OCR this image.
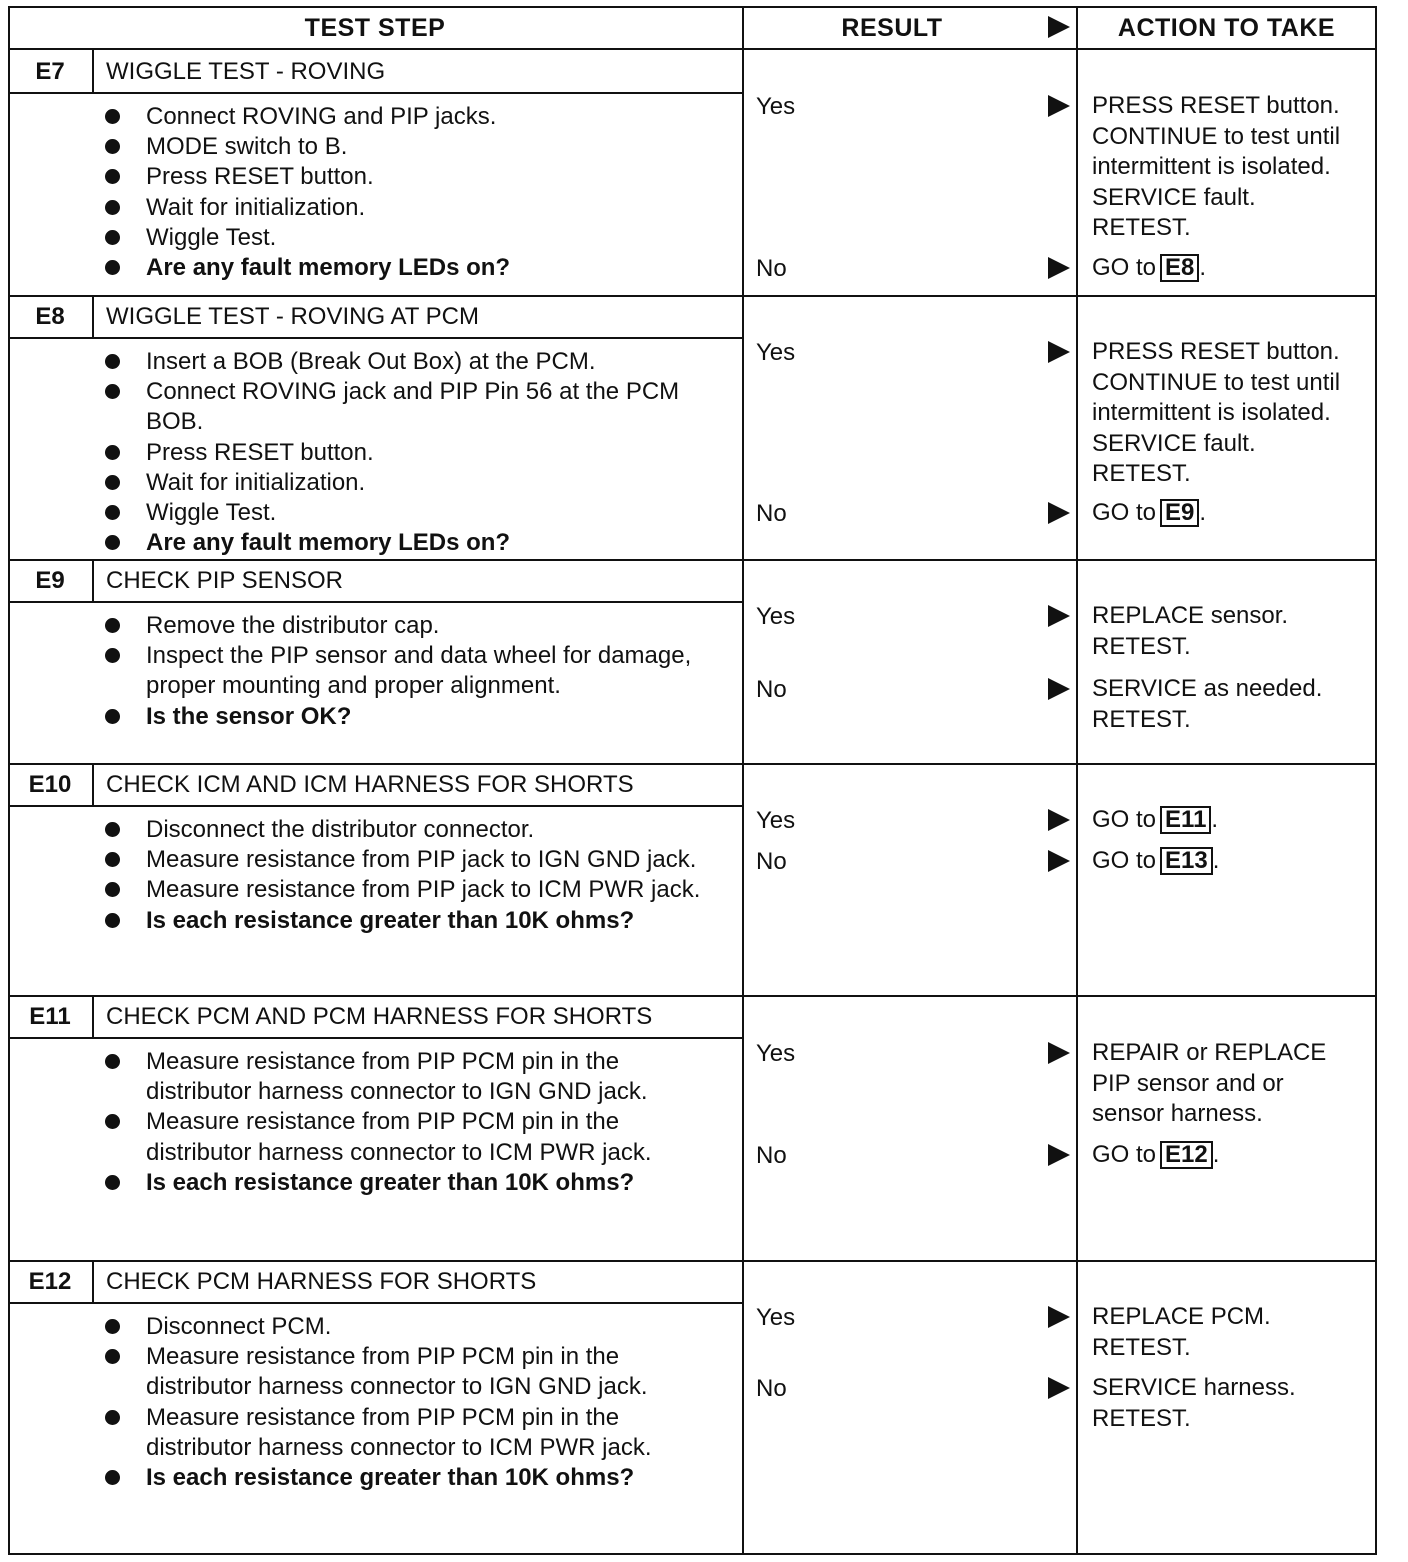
TEST STEP	RESULT	ACTION TO TAKE
E7	WIGGLE TEST - ROVING
Connect ROVING and PIP jacks.
MODE switch to B.
Press RESET button.
Wait for initialization.
Wiggle Test.
Are any fault memory LEDs on?
Yes	PRESS RESET button.
CONTINUE to test until
intermittent is isolated.
SERVICE fault.
RETEST.
No	GO to E8 .
E8	WIGGLE TEST - ROVING AT PCM
Insert a BOB (Break Out Box) at the PCM.
Connect ROVING jack and PIP Pin 56 at the PCM BOB.
Press RESET button.
Wait for initialization.
Wiggle Test.
Are any fault memory LEDs on?
Yes	PRESS RESET button.
CONTINUE to test until
intermittent is isolated.
SERVICE fault.
RETEST.
No	GO to E9 .
E9	CHECK PIP SENSOR
Remove the distributor cap.
Inspect the PIP sensor and data wheel for damage, proper mounting and proper alignment.
Is the sensor OK?
Yes	REPLACE sensor.
RETEST.
No	SERVICE as needed.
RETEST.
E10	CHECK ICM AND ICM HARNESS FOR SHORTS
Disconnect the distributor connector.
Measure resistance from PIP jack to IGN GND jack.
Measure resistance from PIP jack to ICM PWR jack.
Is each resistance greater than 10K ohms?
Yes	GO to E11 .
No	GO to E13 .
E11	CHECK PCM AND PCM HARNESS FOR SHORTS
Measure resistance from PIP PCM pin in the distributor harness connector to IGN GND jack.
Measure resistance from PIP PCM pin in the distributor harness connector to ICM PWR jack.
Is each resistance greater than 10K ohms?
Yes	REPAIR or REPLACE
PIP sensor and or
sensor harness.
No	GO to E12 .
E12	CHECK PCM HARNESS FOR SHORTS
Disconnect PCM.
Measure resistance from PIP PCM pin in the distributor harness connector to IGN GND jack.
Measure resistance from PIP PCM pin in the distributor harness connector to ICM PWR jack.
Is each resistance greater than 10K ohms?
Yes	REPLACE PCM.
RETEST.
No	SERVICE harness.
RETEST.
